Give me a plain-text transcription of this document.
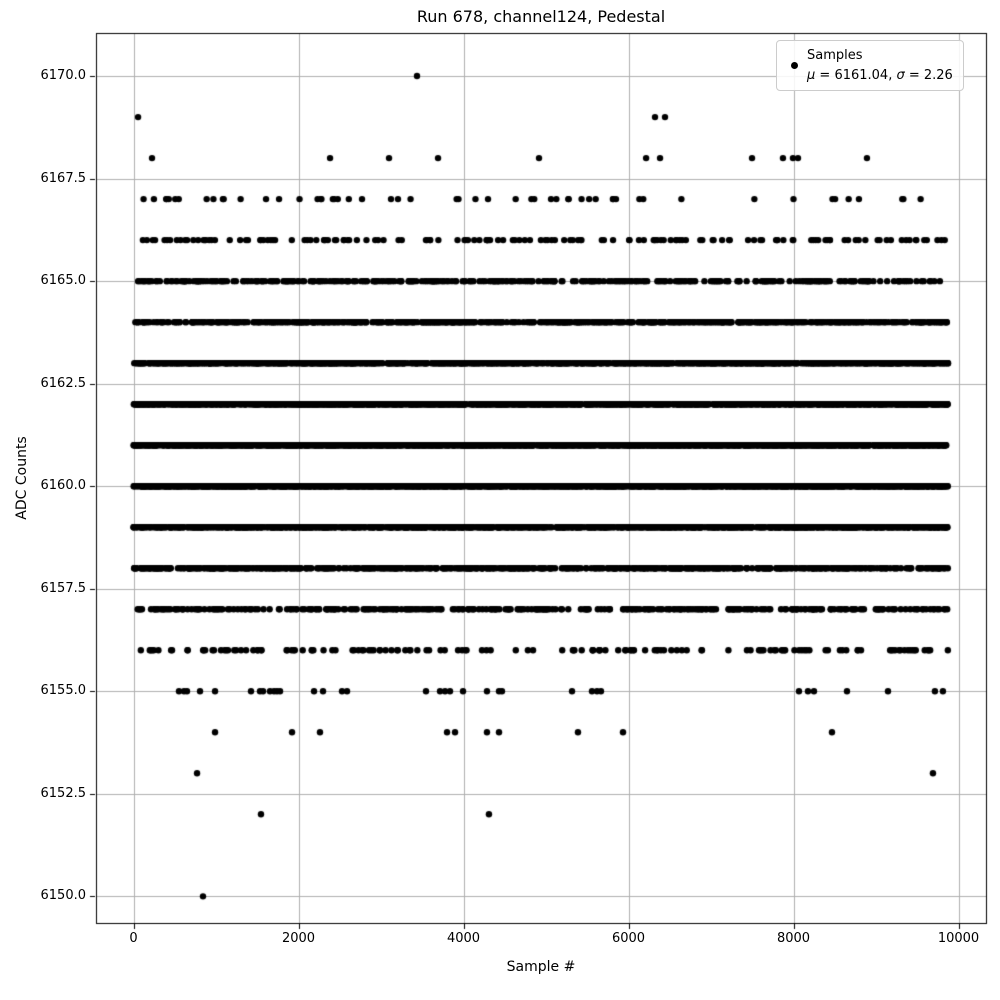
Run 678, channel124, Pedestal
Sample #
ADC Counts
Samples
μ = 6161.04, σ = 2.26
0	2000	4000	6000	8000	10000
6150.0
6152.5
6155.0
6157.5
6160.0
6162.5
6165.0
6167.5
6170.0
